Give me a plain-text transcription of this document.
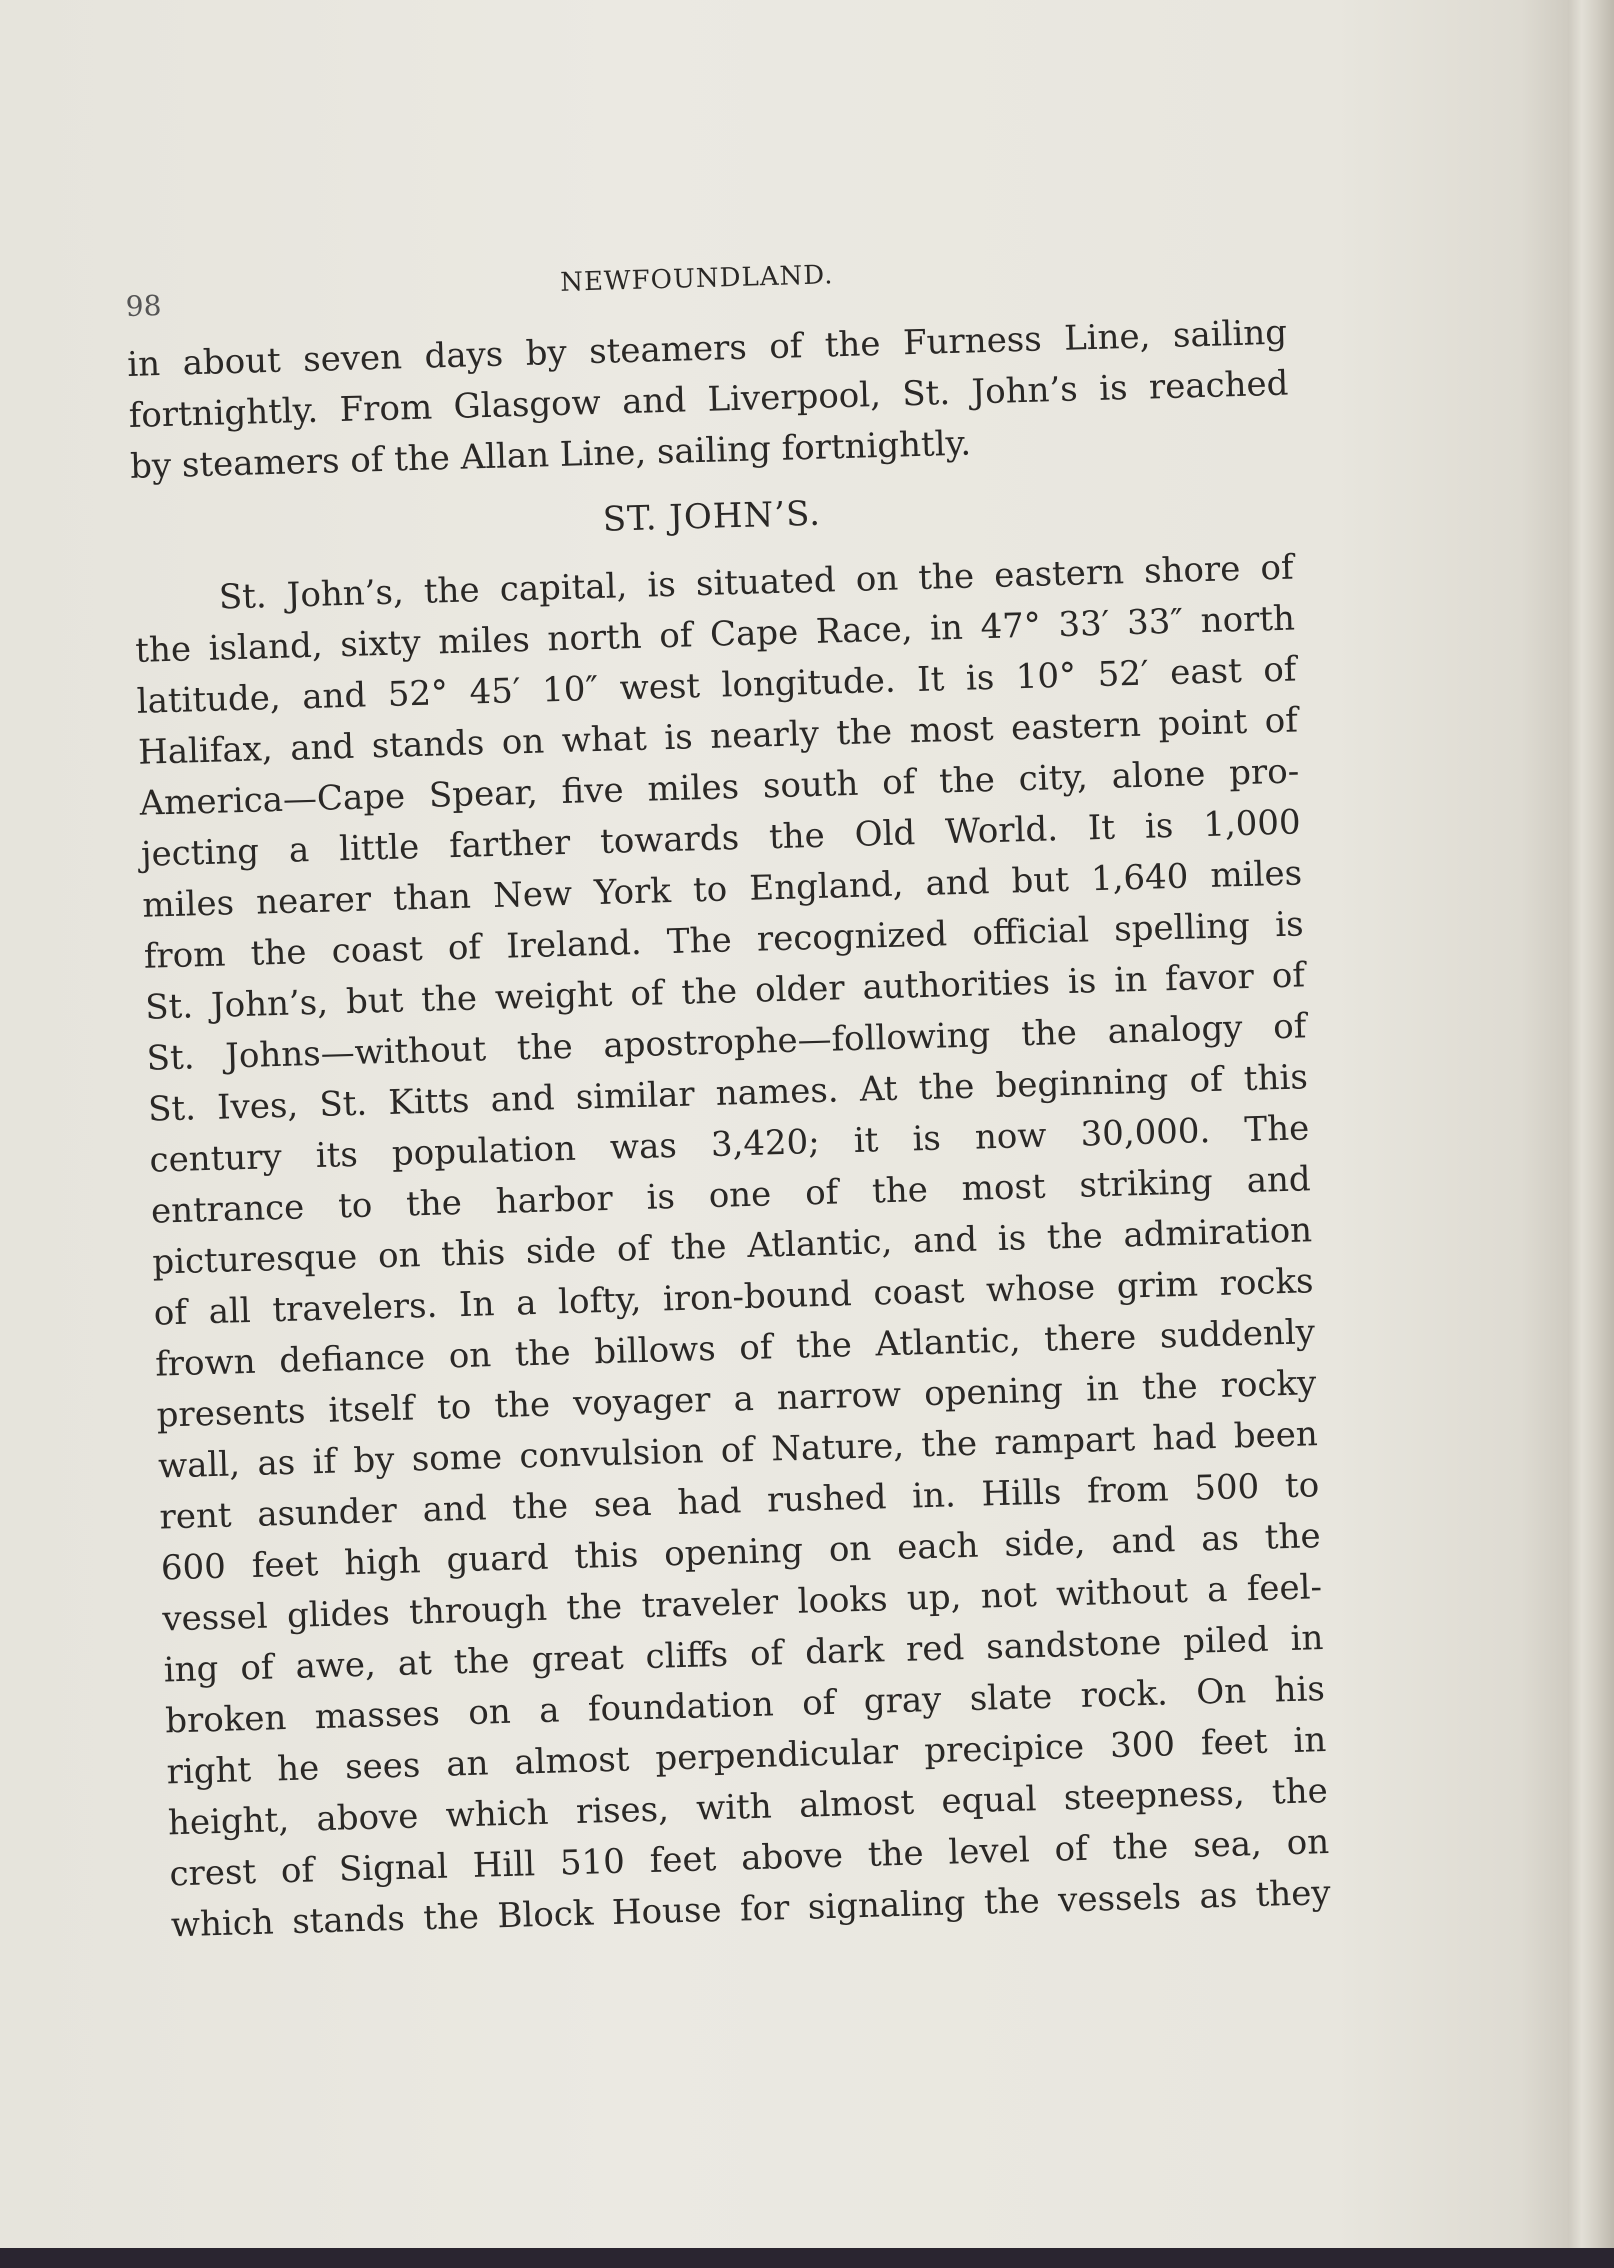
98
NEWFOUNDLAND.
in about seven days by steamers of the Furness Line, sailing
fortnightly. From Glasgow and Liverpool, St. John’s is reached
by steamers of the Allan Line, sailing fortnightly.
ST. JOHN’S.
St. John’s, the capital, is situated on the eastern shore of
the island, sixty miles north of Cape Race, in 47° 33′ 33″ north
latitude, and 52° 45′ 10″ west longitude. It is 10° 52′ east of
Halifax, and stands on what is nearly the most eastern point of
America—Cape Spear, five miles south of the city, alone pro-
jecting a little farther towards the Old World. It is 1,000
miles nearer than New York to England, and but 1,640 miles
from the coast of Ireland. The recognized official spelling is
St. John’s, but the weight of the older authorities is in favor of
St. Johns—without the apostrophe—following the analogy of
St. Ives, St. Kitts and similar names. At the beginning of this
century its population was 3,420; it is now 30,000. The
entrance to the harbor is one of the most striking and
picturesque on this side of the Atlantic, and is the admiration
of all travelers. In a lofty, iron-bound coast whose grim rocks
frown defiance on the billows of the Atlantic, there suddenly
presents itself to the voyager a narrow opening in the rocky
wall, as if by some convulsion of Nature, the rampart had been
rent asunder and the sea had rushed in. Hills from 500 to
600 feet high guard this opening on each side, and as the
vessel glides through the traveler looks up, not without a feel-
ing of awe, at the great cliffs of dark red sandstone piled in
broken masses on a foundation of gray slate rock. On his
right he sees an almost perpendicular precipice 300 feet in
height, above which rises, with almost equal steepness, the
crest of Signal Hill 510 feet above the level of the sea, on
which stands the Block House for signaling the vessels as they
